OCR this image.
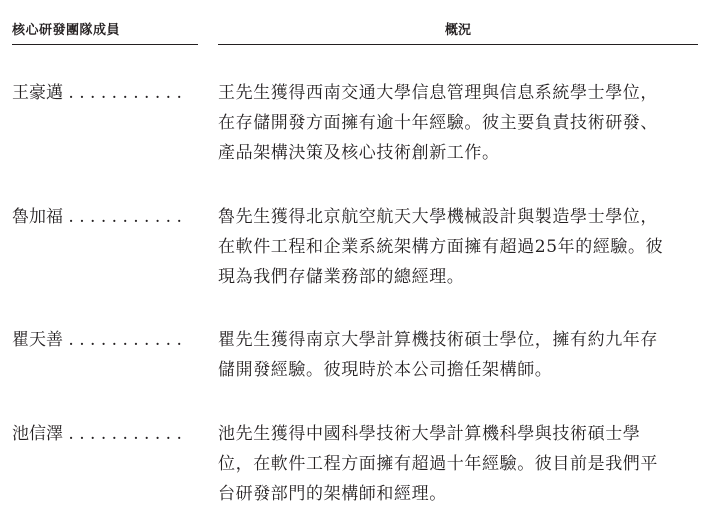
核心研發團隊成員	概況
王豪邁 . . . . . . . . . . .	王先生獲得西南交通大學信息管理與信息系統學士學位，
在存儲開發方面擁有逾十年經驗。彼主要負責技術研發、
產品架構決策及核心技術創新工作。
魯加福 . . . . . . . . . . .	魯先生獲得北京航空航天大學機械設計與製造學士學位，
在軟件工程和企業系統架構方面擁有超過25年的經驗。彼
現為我們存儲業務部的總經理。
瞿天善 . . . . . . . . . . .	瞿先生獲得南京大學計算機技術碩士學位，擁有約九年存
儲開發經驗。彼現時於本公司擔任架構師。
池信澤 . . . . . . . . . . .	池先生獲得中國科學技術大學計算機科學與技術碩士學
位，在軟件工程方面擁有超過十年經驗。彼目前是我們平
台研發部門的架構師和經理。
